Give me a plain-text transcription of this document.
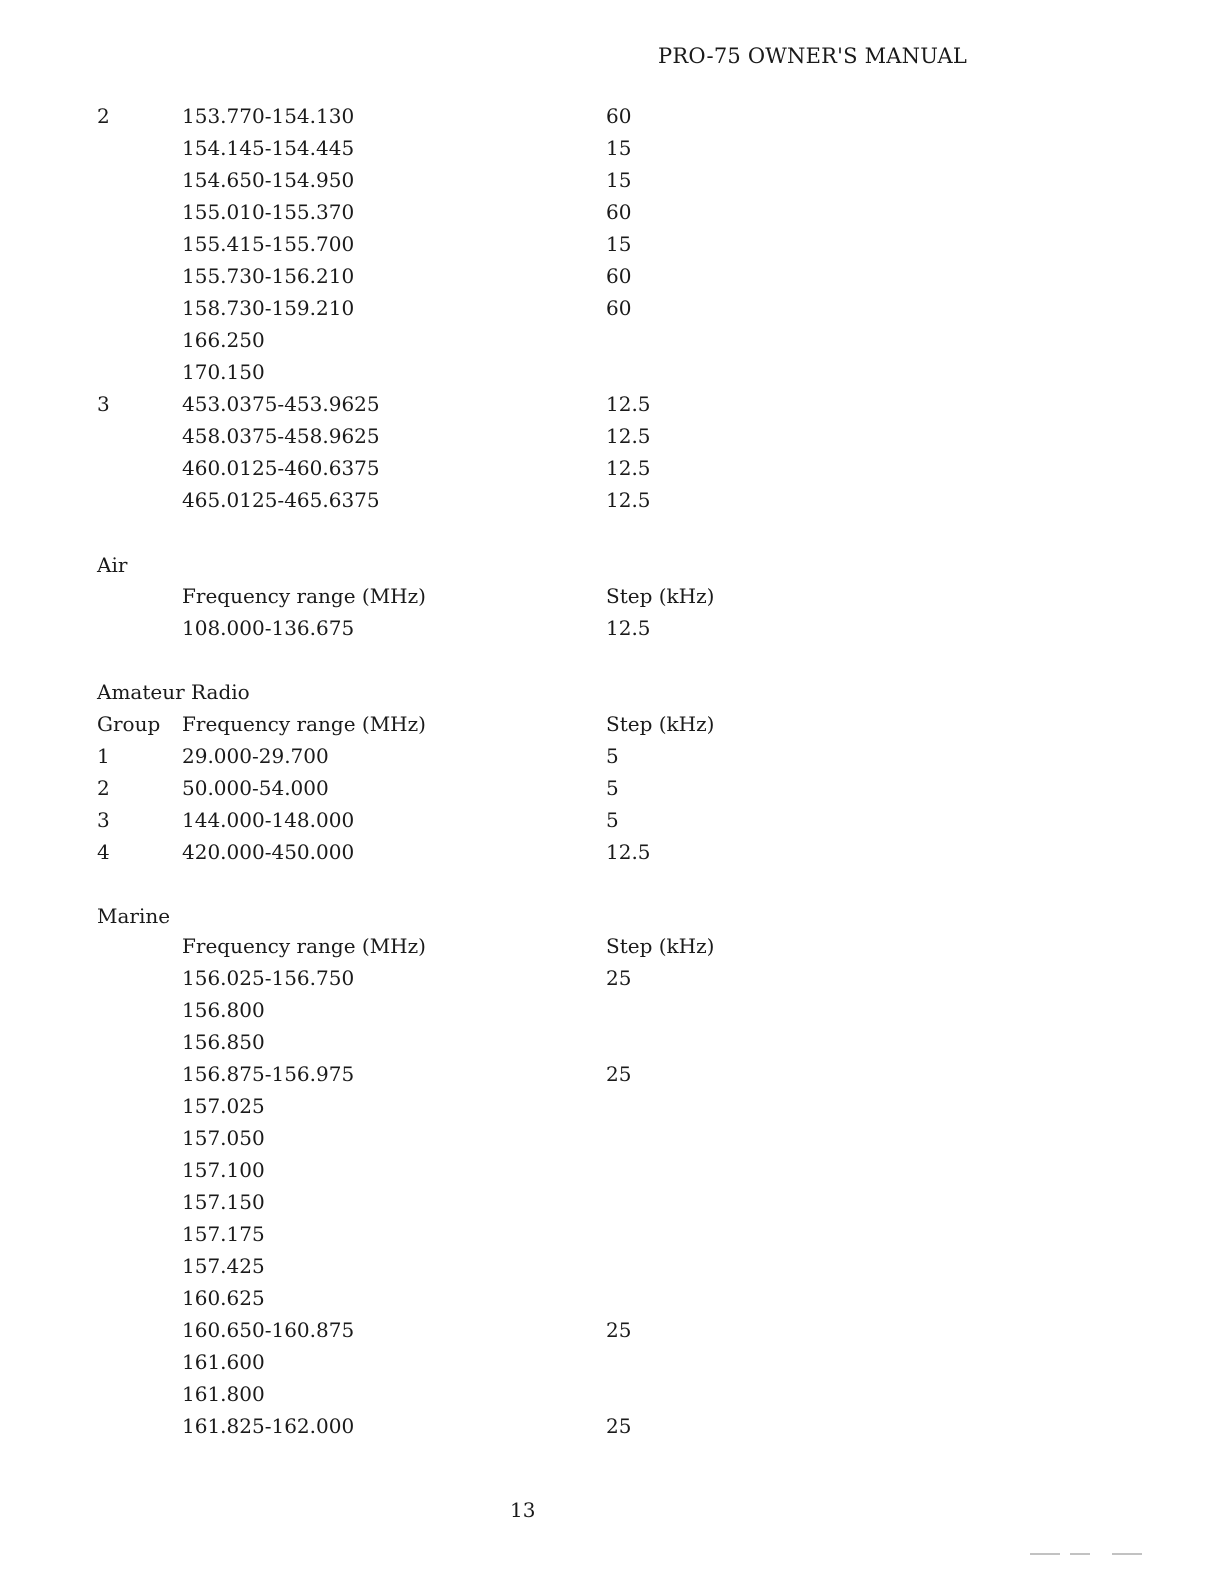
PRO-75 OWNER'S MANUAL
2	153.770-154.130	60
154.145-154.445	15
154.650-154.950	15
155.010-155.370	60
155.415-155.700	15
155.730-156.210	60
158.730-159.210	60
166.250
170.150
3	453.0375-453.9625	12.5
458.0375-458.9625	12.5
460.0125-460.6375	12.5
465.0125-465.6375	12.5
Air
Frequency range (MHz)	Step (kHz)
108.000-136.675	12.5
Amateur Radio
Group Frequency range (MHz)	Step (kHz)
1	29.000-29.700	5
2	50.000-54.000	5
3	144.000-148.000	5
4	420.000-450.000	12.5
Marine
Frequency range (MHz)	Step (kHz)
156.025-156.750	25
156.800
156.850
156.875-156.975	25
157.025
157.050
157.100
157.150
157.175
157.425
160.625
160.650-160.875	25
161.600
161.800
161.825-162.000	25
13
